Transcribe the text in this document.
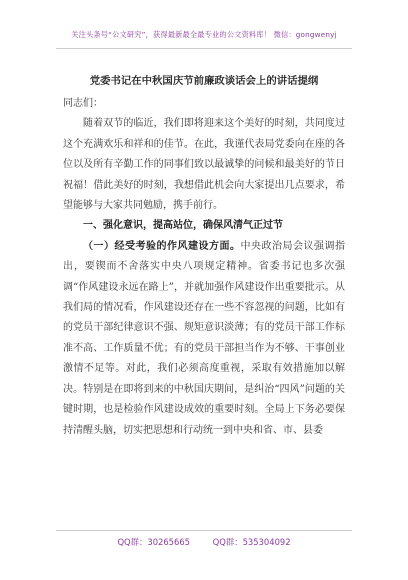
关注头条号“公文研究”，获得最新最全最专业的公文资料库！ 微信：gongwenyj
党委书记在中秋国庆节前廉政谈话会上的讲话提纲

同志们：

随着双节的临近，我们即将迎来这个美好的时刻，共同度过这个充满欢乐和祥和的佳节。在此，我谨代表局党委向在座的各位以及所有辛勤工作的同事们致以最诚挚的问候和最美好的节日祝福！借此美好的时刻，我想借此机会向大家提出几点要求，希望能够与大家共同勉励，携手前行。

一、强化意识，提高站位，确保风清气正过节

（一）经受考验的作风建设方面。中央政治局会议强调指出，要锲而不舍落实中央八项规定精神。省委书记也多次强调“作风建设永远在路上”，并就加强作风建设作出重要批示。从我们局的情况看，作风建设还存在一些不容忽视的问题，比如有的党员干部纪律意识不强、规矩意识淡薄；有的党员干部工作标准不高、工作质量不优；有的党员干部担当作为不够、干事创业激情不足等。对此，我们必须高度重视，采取有效措施加以解决。特别是在即将到来的中秋国庆期间，是纠治“四风”问题的关键时期，也是检验作风建设成效的重要时刻。全局上下务必要保持清醒头脑，切实把思想和行动统一到中央和省、市、县委

QQ群：30265665	QQ群：535304092
